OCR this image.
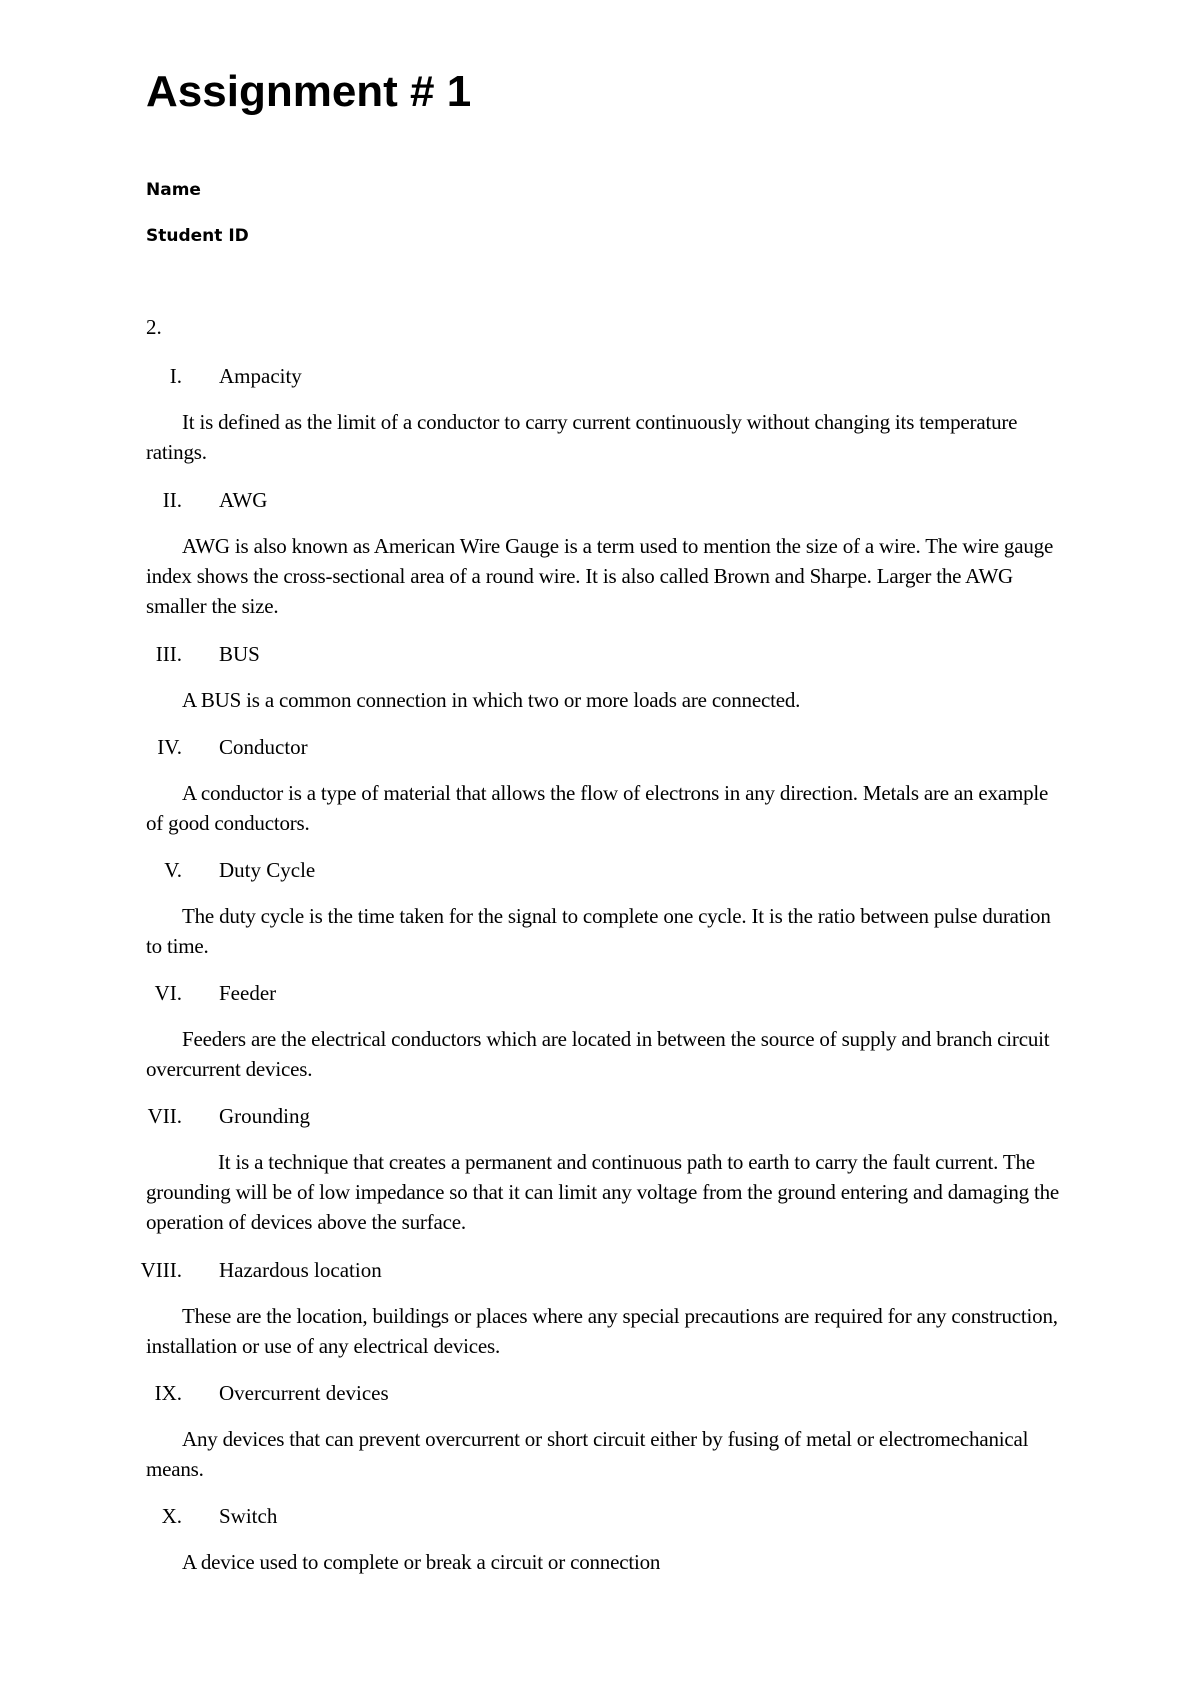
Assignment # 1
Name
Student ID
2.
I. Ampacity

It is defined as the limit of a conductor to carry current continuously without changing its temperature ratings.

II. AWG

AWG is also known as American Wire Gauge is a term used to mention the size of a wire. The wire gauge index shows the cross-sectional area of a round wire. It is also called Brown and Sharpe. Larger the AWG smaller the size.

III. BUS

A BUS is a common connection in which two or more loads are connected.

IV. Conductor

A conductor is a type of material that allows the flow of electrons in any direction. Metals are an example of good conductors.

V. Duty Cycle

The duty cycle is the time taken for the signal to complete one cycle. It is the ratio between pulse duration to time.

VI. Feeder

Feeders are the electrical conductors which are located in between the source of supply and branch circuit overcurrent devices.

VII. Grounding

It is a technique that creates a permanent and continuous path to earth to carry the fault current. The grounding will be of low impedance so that it can limit any voltage from the ground entering and damaging the operation of devices above the surface.

VIII. Hazardous location

These are the location, buildings or places where any special precautions are required for any construction, installation or use of any electrical devices.

IX. Overcurrent devices

Any devices that can prevent overcurrent or short circuit either by fusing of metal or electromechanical means.

X. Switch

A device used to complete or break a circuit or connection
